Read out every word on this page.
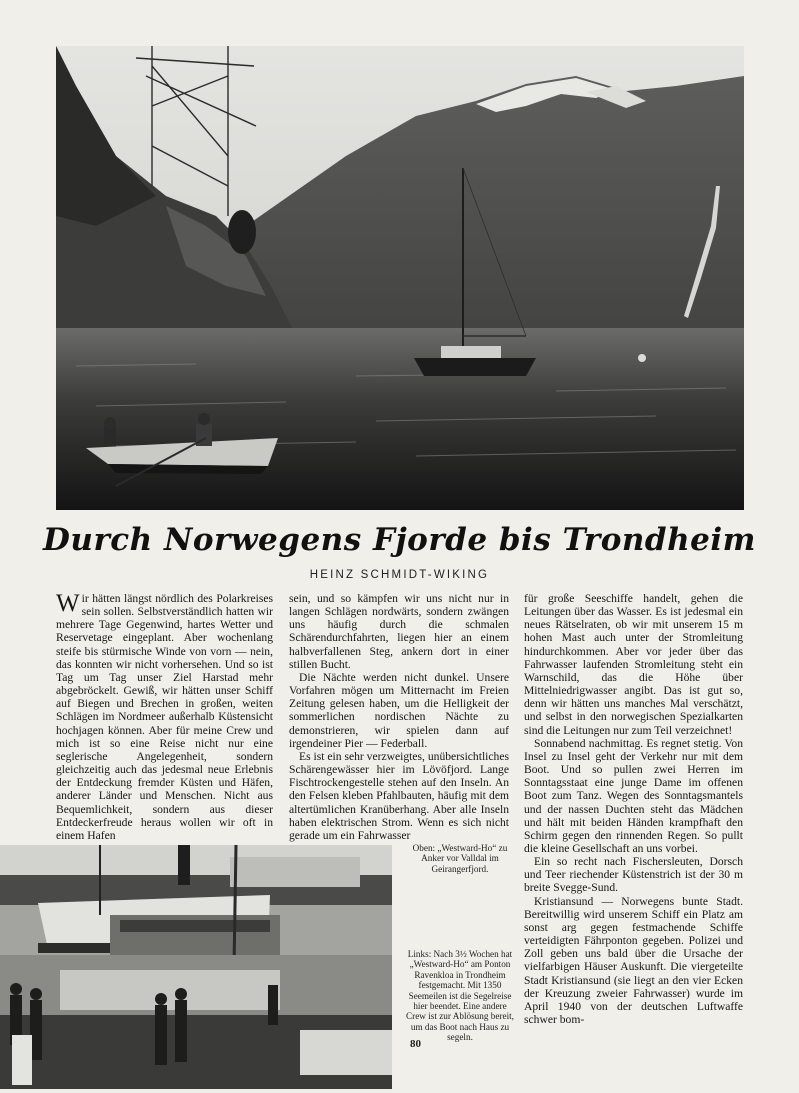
Durch Norwegens Fjorde bis Trondheim
HEINZ SCHMIDT-WIKING

Wir hätten längst nördlich des Polarkreises sein sollen. Selbstverständlich hatten wir mehrere Tage Gegenwind, hartes Wetter und Reservetage eingeplant. Aber wochenlang steife bis stürmische Winde von vorn — nein, das konnten wir nicht vorhersehen. Und so ist Tag um Tag unser Ziel Harstad mehr abgebröckelt. Gewiß, wir hätten unser Schiff auf Biegen und Brechen in großen, weiten Schlägen im Nordmeer außerhalb Küstensicht hochjagen können. Aber für meine Crew und mich ist so eine Reise nicht nur eine seglerische Angelegenheit, sondern gleichzeitig auch das jedesmal neue Erlebnis der Entdeckung fremder Küsten und Häfen, anderer Länder und Menschen. Nicht aus Bequemlichkeit, sondern aus dieser Entdeckerfreude heraus wollen wir oft in einem Hafen

sein, und so kämpfen wir uns nicht nur in langen Schlägen nordwärts, sondern zwängen uns häufig durch die schmalen Schärendurchfahrten, liegen hier an einem halbverfallenen Steg, ankern dort in einer stillen Bucht.

Die Nächte werden nicht dunkel. Unsere Vorfahren mögen um Mitternacht im Freien Zeitung gelesen haben, um die Helligkeit der sommerlichen nordischen Nächte zu demonstrieren, wir spielen dann auf irgendeiner Pier — Federball.

Es ist ein sehr verzweigtes, unübersichtliches Schärengewässer hier im Lövöfjord. Lange Fischtrockengestelle stehen auf den Inseln. An den Felsen kleben Pfahlbauten, häufig mit dem altertümlichen Kranüberhang. Aber alle Inseln haben elektrischen Strom. Wenn es sich nicht gerade um ein Fahrwasser

für große Seeschiffe handelt, gehen die Leitungen über das Wasser. Es ist jedesmal ein neues Rätselraten, ob wir mit unserem 15 m hohen Mast auch unter der Stromleitung hindurchkommen. Aber vor jeder über das Fahrwasser laufenden Stromleitung steht ein Warnschild, das die Höhe über Mittelniedrigwasser angibt. Das ist gut so, denn wir hätten uns manches Mal verschätzt, und selbst in den norwegischen Spezialkarten sind die Leitungen nur zum Teil verzeichnet!

Sonnabend nachmittag. Es regnet stetig. Von Insel zu Insel geht der Verkehr nur mit dem Boot. Und so pullen zwei Herren im Sonntagsstaat eine junge Dame im offenen Boot zum Tanz. Wegen des Sonntagsmantels und der nassen Duchten steht das Mädchen und hält mit beiden Händen krampfhaft den Schirm gegen den rinnenden Regen. So pullt die kleine Gesellschaft an uns vorbei.

Ein so recht nach Fischersleuten, Dorsch und Teer riechender Küstenstrich ist der 30 m breite Svegge-Sund.

Kristiansund — Norwegens bunte Stadt. Bereitwillig wird unserem Schiff ein Platz am sonst arg gegen festmachende Schiffe verteidigten Fährponton gegeben. Polizei und Zoll geben uns bald über die Ursache der vielfarbigen Häuser Auskunft. Die viergeteilte Stadt Kristiansund (sie liegt an den vier Ecken der Kreuzung zweier Fahrwasser) wurde im April 1940 von der deutschen Luftwaffe schwer bom-

Oben: „Westward-Ho“ zu Anker vor Valldal im Geirangerfjord.
Links: Nach 3½ Wochen hat „Westward-Ho“ am Ponton Ravenkloa in Trondheim festgemacht. Mit 1350 Seemeilen ist die Segelreise hier beendet. Eine andere Crew ist zur Ablösung bereit, um das Boot nach Haus zu segeln.
80
